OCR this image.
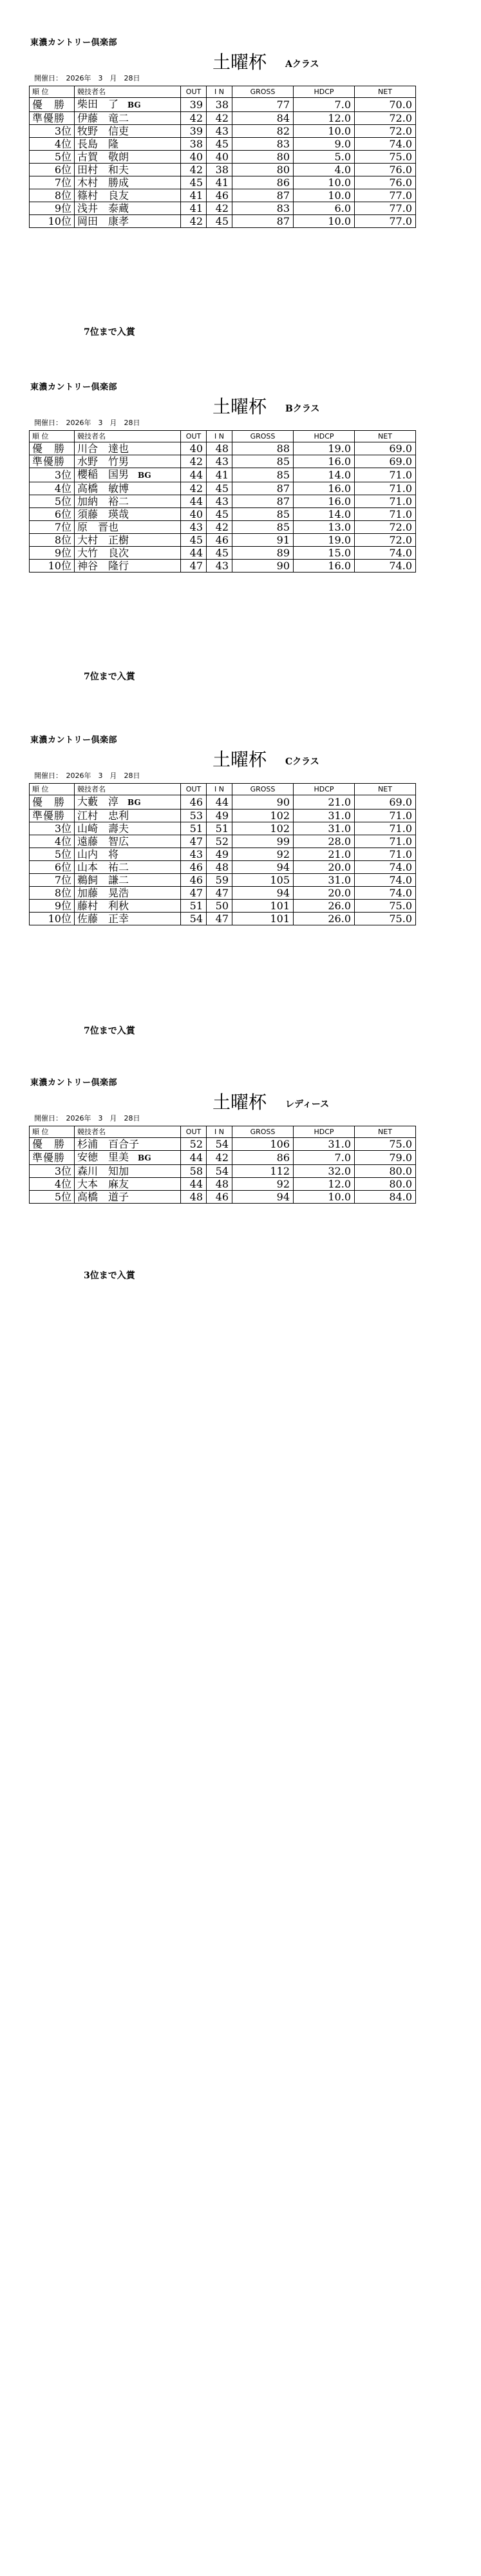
東濃カントリー倶楽部
土曜杯 Aクラス
開催日：　2026年　3　月　28日
順 位	競技者名	OUT	I N	GROSS	HDCP	NET
優　勝	柴田　了 BG	39	38	77	7.0	70.0
準優勝	伊藤　竜二	42	42	84	12.0	72.0
3位	牧野　信吏	39	43	82	10.0	72.0
4位	長島　隆	38	45	83	9.0	74.0
5位	古賀　敬朗	40	40	80	5.0	75.0
6位	田村　和夫	42	38	80	4.0	76.0
7位	木村　勝成	45	41	86	10.0	76.0
8位	篠村　良友	41	46	87	10.0	77.0
9位	浅井　泰蔵	41	42	83	6.0	77.0
10位	岡田　康孝	42	45	87	10.0	77.0
7位まで入賞
東濃カントリー倶楽部
土曜杯 Bクラス
開催日：　2026年　3　月　28日
順 位	競技者名	OUT	I N	GROSS	HDCP	NET
優　勝	川合　達也	40	48	88	19.0	69.0
準優勝	水野　竹男	42	43	85	16.0	69.0
3位	櫻稲　国男 BG	44	41	85	14.0	71.0
4位	高橋　敏博	42	45	87	16.0	71.0
5位	加納　裕二	44	43	87	16.0	71.0
6位	須藤　瑛哉	40	45	85	14.0	71.0
7位	原　晋也	43	42	85	13.0	72.0
8位	大村　正樹	45	46	91	19.0	72.0
9位	大竹　良次	44	45	89	15.0	74.0
10位	神谷　隆行	47	43	90	16.0	74.0
7位まで入賞
東濃カントリー倶楽部
土曜杯 Cクラス
開催日：　2026年　3　月　28日
順 位	競技者名	OUT	I N	GROSS	HDCP	NET
優　勝	大藪　淳 BG	46	44	90	21.0	69.0
準優勝	江村　忠利	53	49	102	31.0	71.0
3位	山崎　壽夫	51	51	102	31.0	71.0
4位	遠藤　智広	47	52	99	28.0	71.0
5位	山内　将	43	49	92	21.0	71.0
6位	山本　祐二	46	48	94	20.0	74.0
7位	鵜飼　謙二	46	59	105	31.0	74.0
8位	加藤　晃浩	47	47	94	20.0	74.0
9位	藤村　利秋	51	50	101	26.0	75.0
10位	佐藤　正幸	54	47	101	26.0	75.0
7位まで入賞
東濃カントリー倶楽部
土曜杯 レディース
開催日：　2026年　3　月　28日
順 位	競技者名	OUT	I N	GROSS	HDCP	NET
優　勝	杉浦　百合子	52	54	106	31.0	75.0
準優勝	安徳　里美 BG	44	42	86	7.0	79.0
3位	森川　知加	58	54	112	32.0	80.0
4位	大本　麻友	44	48	92	12.0	80.0
5位	高橋　道子	48	46	94	10.0	84.0
3位まで入賞
